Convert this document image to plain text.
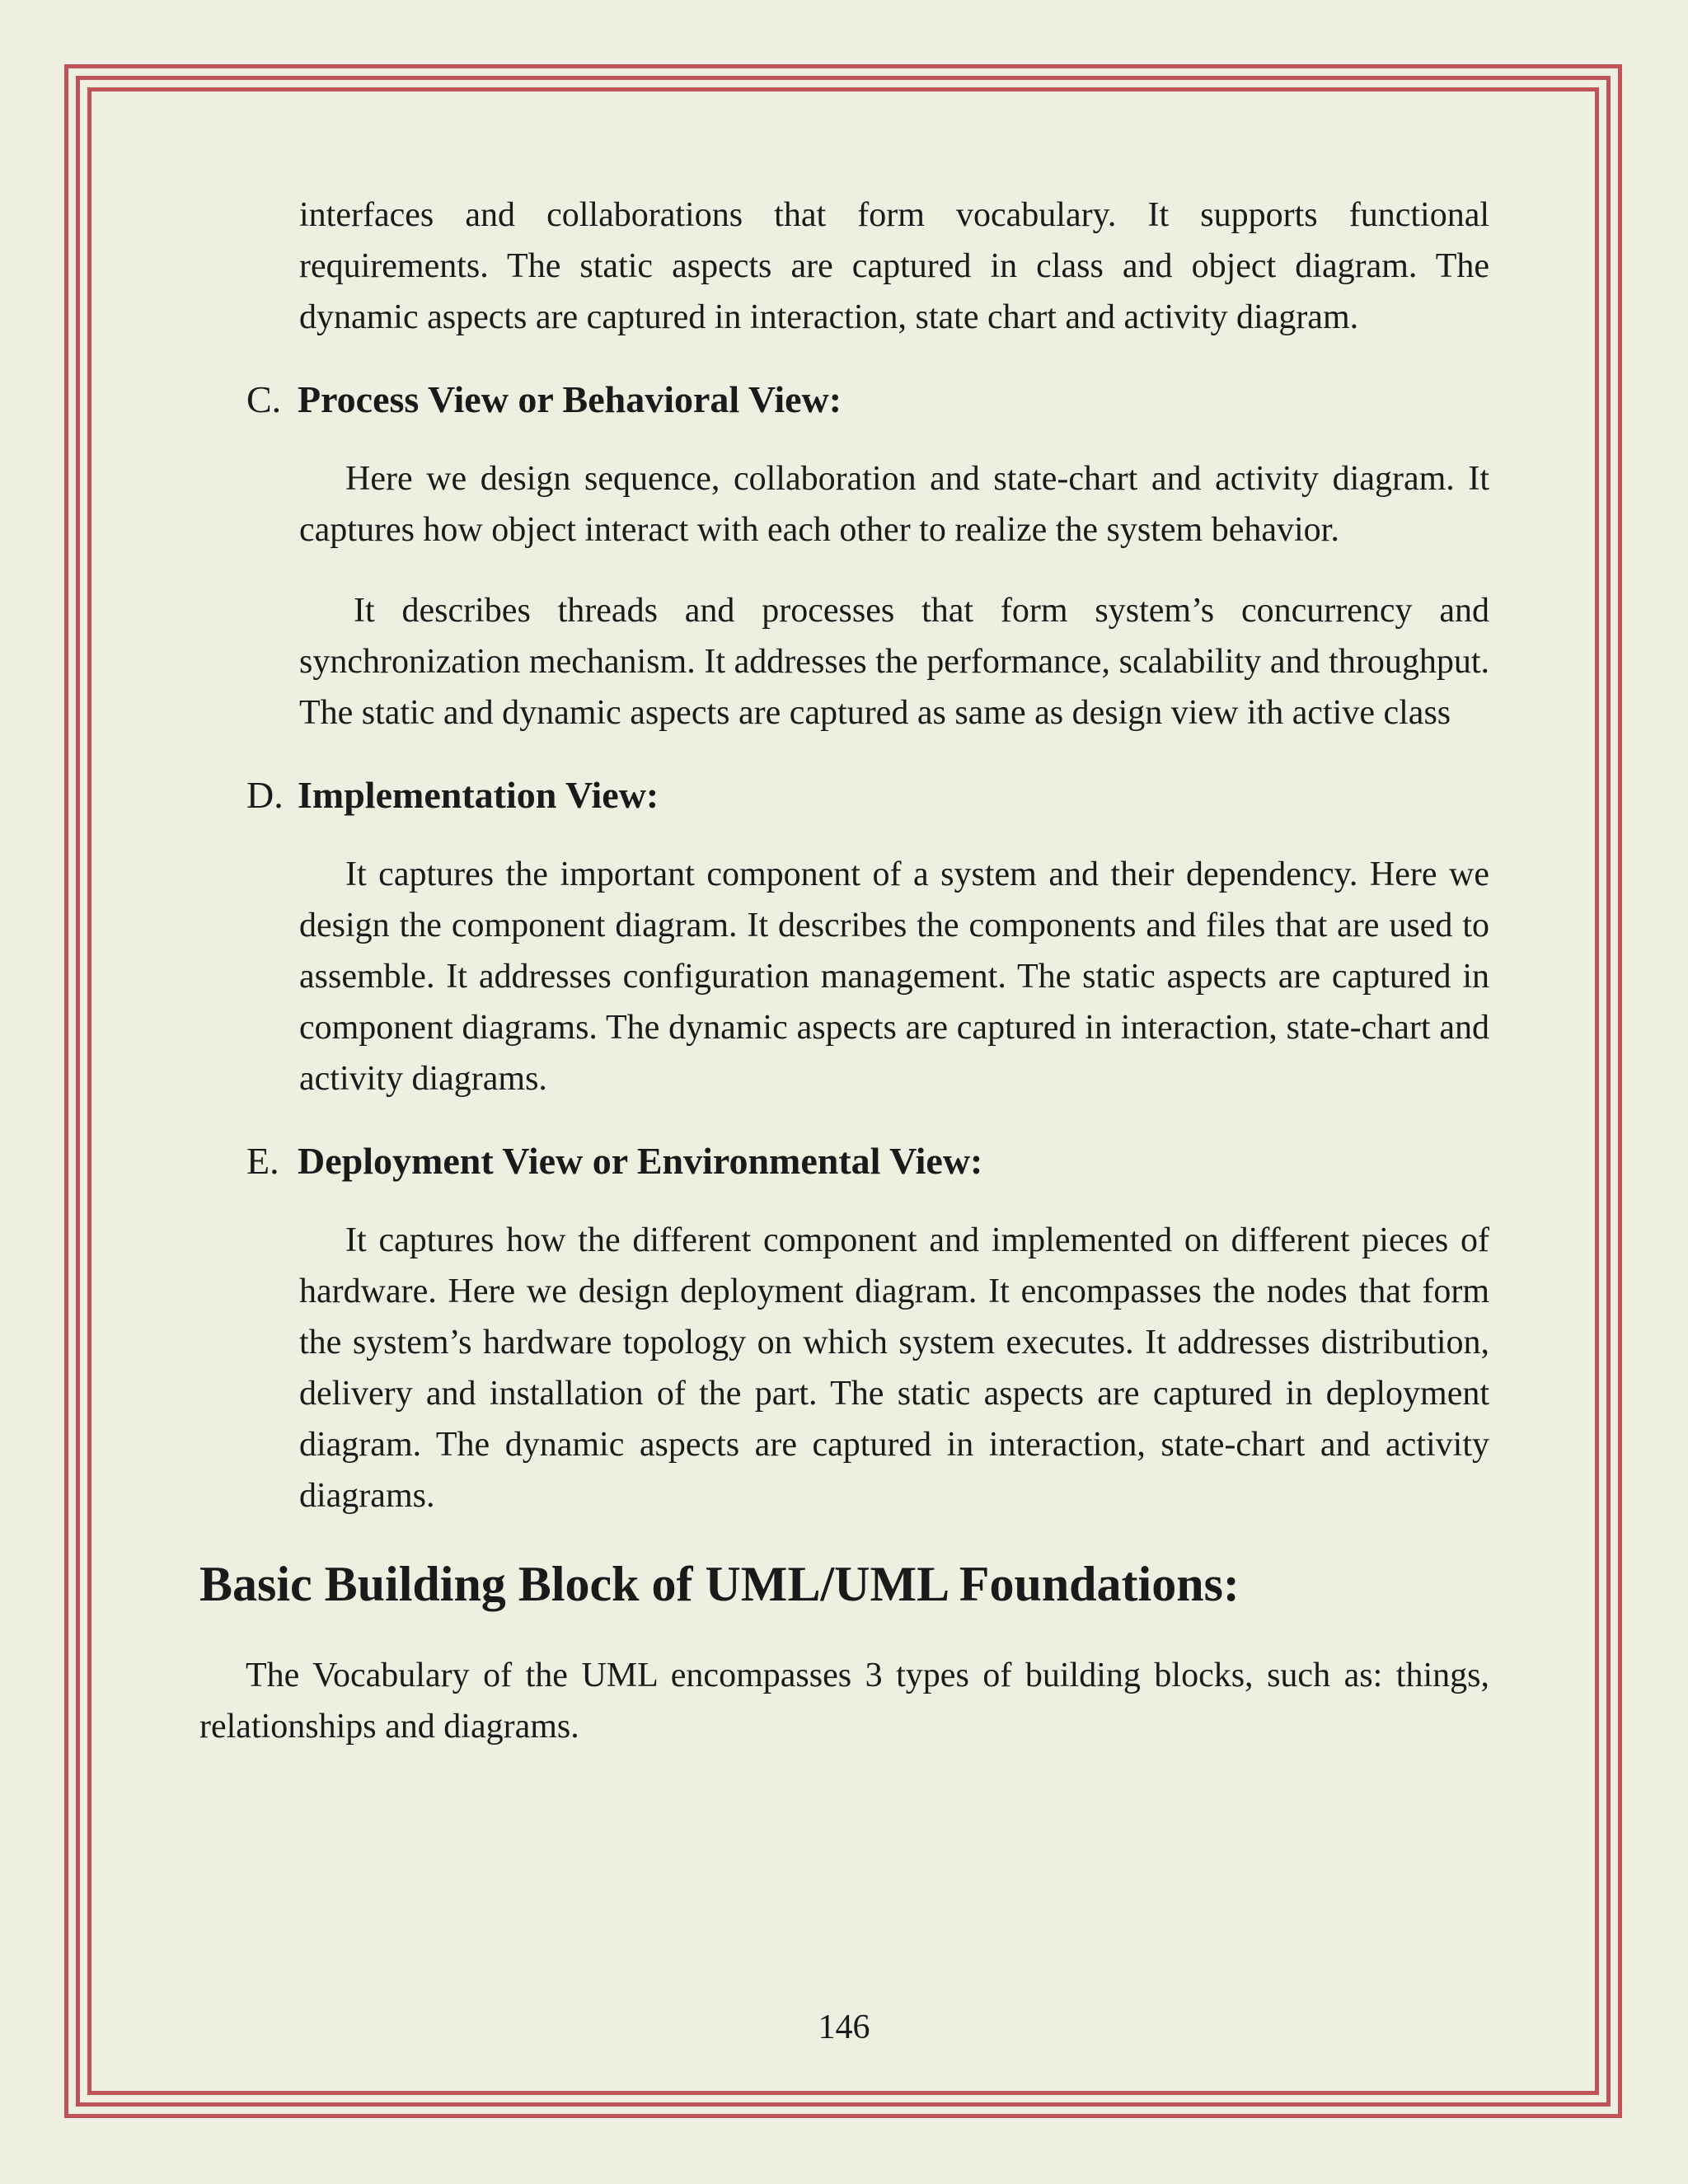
interfaces and collaborations that form vocabulary. It supports functional requirements. The static aspects are captured in class and object diagram. The dynamic aspects are captured in interaction, state chart and activity diagram.

C. Process View or Behavioral View:

Here we design sequence, collaboration and state-chart and activity diagram. It captures how object interact with each other to realize the system behavior.

It describes threads and processes that form system’s concurrency and synchronization mechanism. It addresses the performance, scalability and throughput. The static and dynamic aspects are captured as same as design view ith active class

D. Implementation View:

It captures the important component of a system and their dependency. Here we design the component diagram. It describes the components and files that are used to assemble. It addresses configuration management. The static aspects are captured in component diagrams. The dynamic aspects are captured in interaction, state-chart and activity diagrams.

E. Deployment View or Environmental View:

It captures how the different component and implemented on different pieces of hardware. Here we design deployment diagram. It encompasses the nodes that form the system’s hardware topology on which system executes. It addresses distribution, delivery and installation of the part. The static aspects are captured in deployment diagram. The dynamic aspects are captured in interaction, state-chart and activity diagrams.

Basic Building Block of UML/UML Foundations:

The Vocabulary of the UML encompasses 3 types of building blocks, such as: things, relationships and diagrams.

146
